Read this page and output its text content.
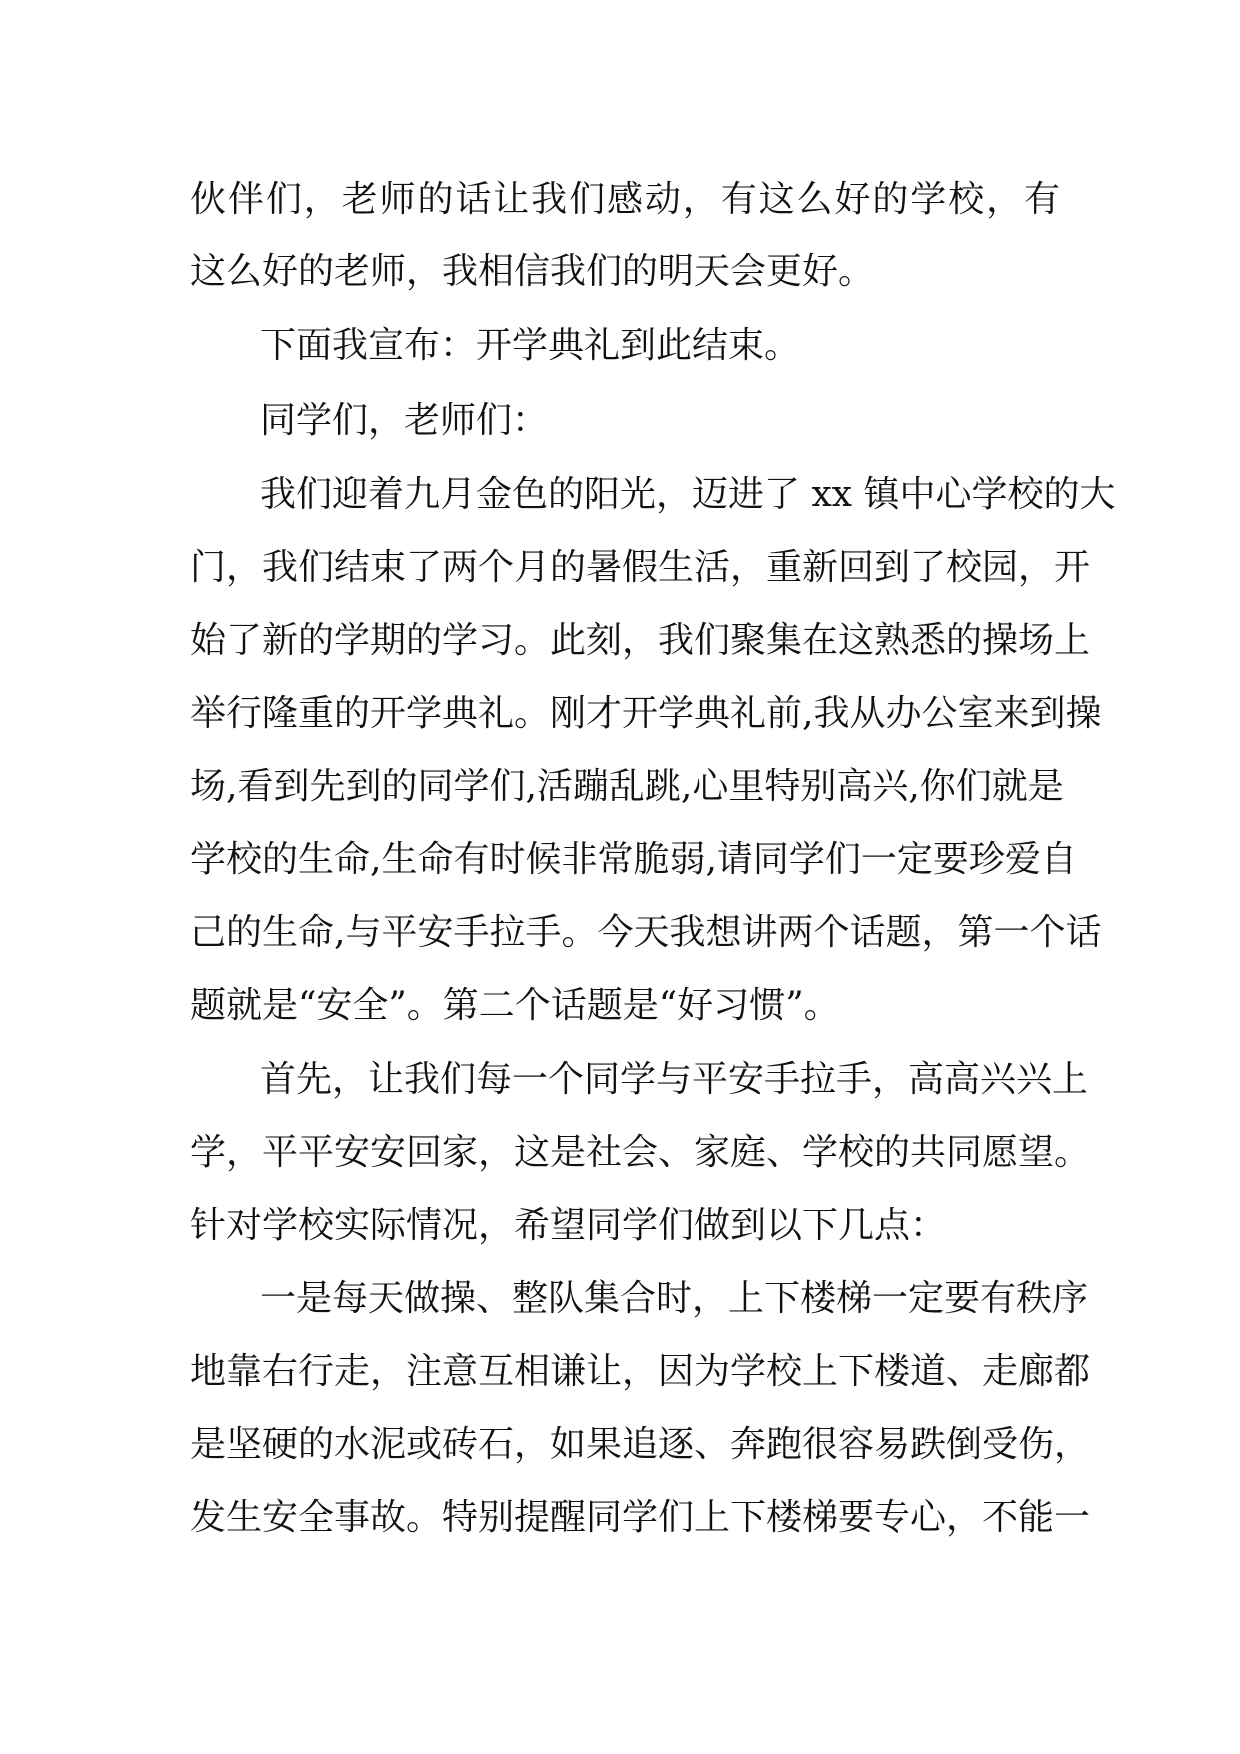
伙伴们，老师的话让我们感动，有这么好的学校，有
这么好的老师，我相信我们的明天会更好。
下面我宣布：开学典礼到此结束。
同学们，老师们：
我们迎着九月金色的阳光，迈进了 xx 镇中心学校的大
门，我们结束了两个月的暑假生活，重新回到了校园，开
始了新的学期的学习。此刻，我们聚集在这熟悉的操场上
举行隆重的开学典礼。刚才开学典礼前,我从办公室来到操
场,看到先到的同学们,活蹦乱跳,心里特别高兴,你们就是
学校的生命,生命有时候非常脆弱,请同学们一定要珍爱自
己的生命,与平安手拉手。今天我想讲两个话题，第一个话
题就是“安全”。第二个话题是“好习惯”。
首先，让我们每一个同学与平安手拉手，高高兴兴上
学，平平安安回家，这是社会、家庭、学校的共同愿望。
针对学校实际情况，希望同学们做到以下几点：
一是每天做操、整队集合时，上下楼梯一定要有秩序
地靠右行走，注意互相谦让，因为学校上下楼道、走廊都
是坚硬的水泥或砖石，如果追逐、奔跑很容易跌倒受伤，
发生安全事故。特别提醒同学们上下楼梯要专心，不能一
